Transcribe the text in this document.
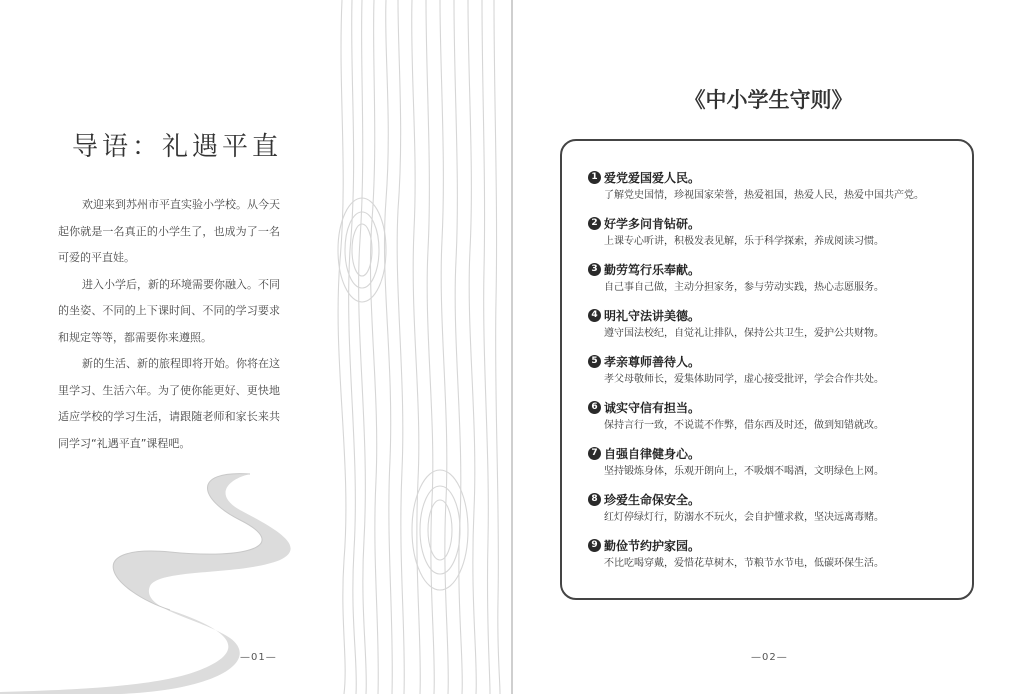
导语：礼遇平直

欢迎来到苏州市平直实验小学校。从今天起你就是一名真正的小学生了，也成为了一名可爱的平直娃。

进入小学后，新的环境需要你融入。不同的坐姿、不同的上下课时间、不同的学习要求和规定等等，都需要你来遵照。

新的生活、新的旅程即将开始。你将在这里学习、生活六年。为了使你能更好、更快地适应学校的学习生活，请跟随老师和家长来共同学习“礼遇平直”课程吧。

—01—
《中小学生守则》
1 爱党爱国爱人民。
了解党史国情，珍视国家荣誉，热爱祖国，热爱人民，热爱中国共产党。
2 好学多问肯钻研。
上课专心听讲，积极发表见解，乐于科学探索，养成阅读习惯。
3 勤劳笃行乐奉献。
自己事自己做，主动分担家务，参与劳动实践，热心志愿服务。
4 明礼守法讲美德。
遵守国法校纪，自觉礼让排队，保持公共卫生，爱护公共财物。
5 孝亲尊师善待人。
孝父母敬师长，爱集体助同学，虚心接受批评，学会合作共处。
6 诚实守信有担当。
保持言行一致，不说谎不作弊，借东西及时还，做到知错就改。
7 自强自律健身心。
坚持锻炼身体，乐观开朗向上，不吸烟不喝酒，文明绿色上网。
8 珍爱生命保安全。
红灯停绿灯行，防溺水不玩火，会自护懂求救，坚决远离毒赌。
9 勤俭节约护家园。
不比吃喝穿戴，爱惜花草树木，节粮节水节电，低碳环保生活。
—02—
